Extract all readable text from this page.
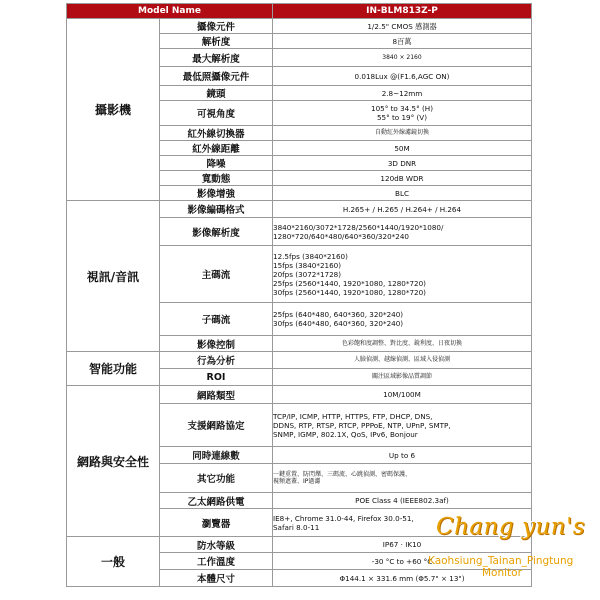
Model Name		IN-BLM813Z-P
攝影機	攝像元件	1/2.5" CMOS 感測器
	解析度	8百萬
	最大解析度	3840 × 2160
	最低照攝像元件	0.018Lux @(F1.6,AGC ON)
	鏡頭	2.8~12mm
	可視角度	105° to 34.5° (H)
55° to 19° (V)
	紅外線切換器	自動紅外線濾鏡切換
	紅外線距離	50M
	降噪	3D DNR
	寬動態	120dB WDR
	影像增強	BLC
視訊/音訊	影像編碼格式	H.265+ / H.265 / H.264+ / H.264
	影像解析度	3840*2160/3072*1728/2560*1440/1920*1080/
1280*720/640*480/640*360/320*240
	主碼流	12.5fps (3840*2160)
15fps (3840*2160)
20fps (3072*1728)
25fps (2560*1440, 1920*1080, 1280*720)
30fps (2560*1440, 1920*1080, 1280*720)
	子碼流	25fps (640*480, 640*360, 320*240)
30fps (640*480, 640*360, 320*240)
	影像控制	色彩飽和度調整、對比度、銳利度、日夜切換
智能功能	行為分析	人臉偵測、越線偵測、區域入侵偵測
	ROI	關注區域影像品質調節
網路與安全性	網路類型	10M/100M
	支援網路協定	TCP/IP, ICMP, HTTP, HTTPS, FTP, DHCP, DNS,
DDNS, RTP, RTSP, RTCP, PPPoE, NTP, UPnP, SMTP,
SNMP, IGMP, 802.1X, QoS, IPv6, Bonjour
	同時連線數	Up to 6
	其它功能	一鍵重置、防閃爍、三碼流、心跳偵測、密碼保護、
視頻遮蓋、IP過濾
	乙太網路供電	POE Class 4 (IEEE802.3af)
	瀏覽器	IE8+, Chrome 31.0-44, Firefox 30.0-51,
Safari 8.0-11
一般	防水等級	IP67 · IK10
	工作溫度	-30 °C to +60 °C
	本體尺寸	Φ144.1 × 331.6 mm (Φ5.7" × 13")
Chang yun's
Kaohsiung_Tainan_Pingtung
Monitor
